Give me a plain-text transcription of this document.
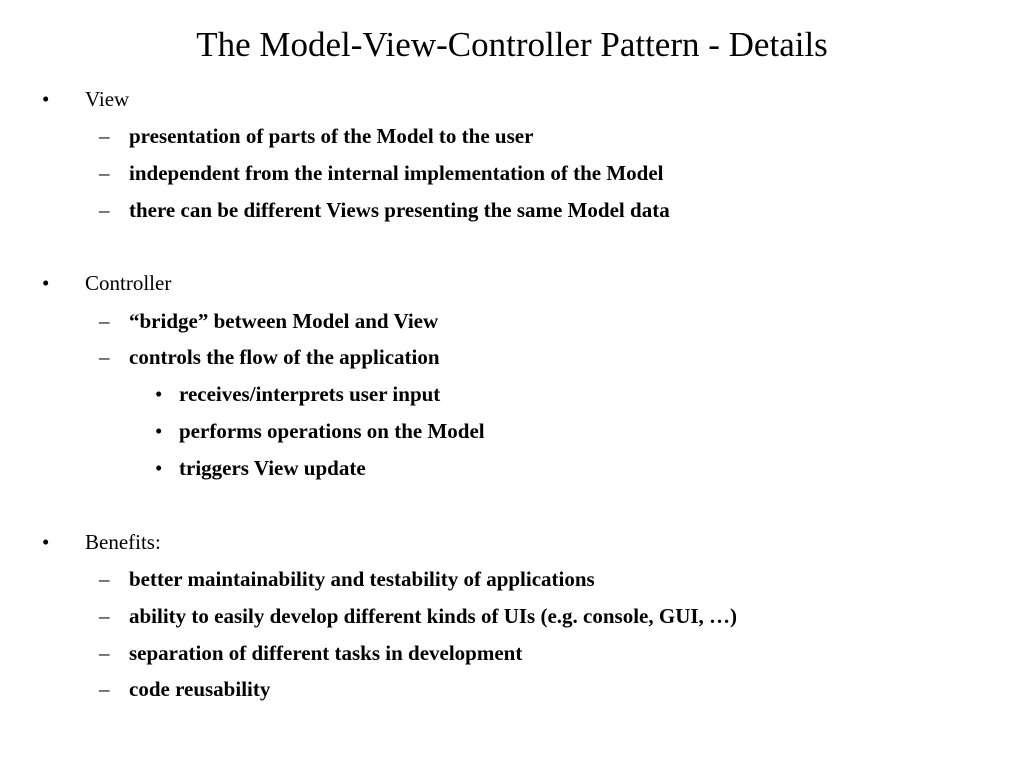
The Model-View-Controller Pattern - Details
• View
– presentation of parts of the Model to the user
– independent from the internal implementation of the Model
– there can be different Views presenting the same Model data
• Controller
– “bridge” between Model and View
– controls the flow of the application
• receives/interprets user input
• performs operations on the Model
• triggers View update
• Benefits:
– better maintainability and testability of applications
– ability to easily develop different kinds of UIs (e.g. console, GUI, …)
– separation of different tasks in development
– code reusability
